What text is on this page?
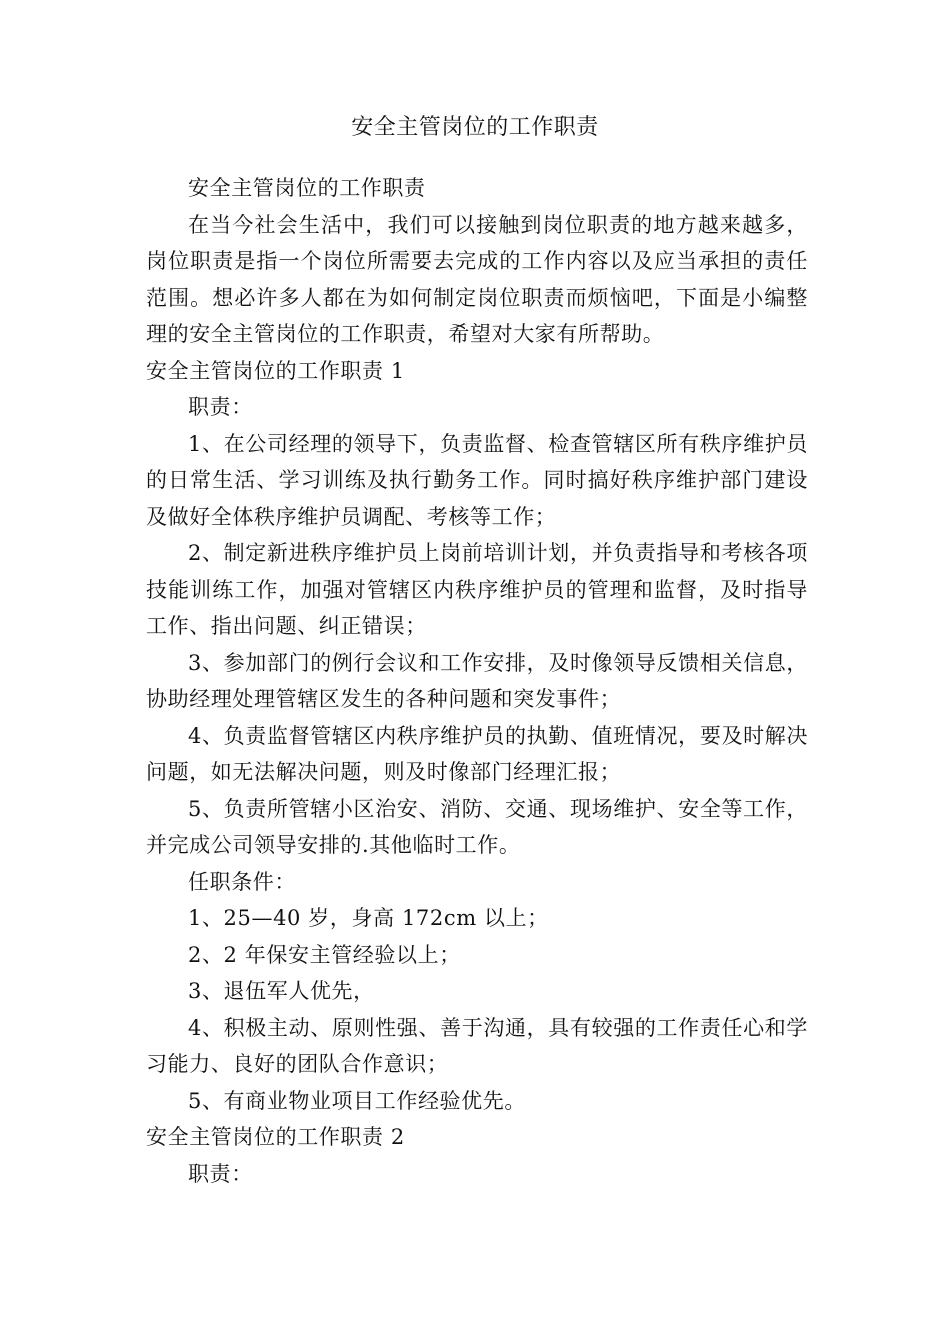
安全主管岗位的工作职责

安全主管岗位的工作职责

在当今社会生活中，我们可以接触到岗位职责的地方越来越多，岗位职责是指一个岗位所需要去完成的工作内容以及应当承担的责任范围。想必许多人都在为如何制定岗位职责而烦恼吧，下面是小编整理的安全主管岗位的工作职责，希望对大家有所帮助。

安全主管岗位的工作职责 1

职责：

1、在公司经理的领导下，负责监督、检查管辖区所有秩序维护员的日常生活、学习训练及执行勤务工作。同时搞好秩序维护部门建设及做好全体秩序维护员调配、考核等工作；

2、制定新进秩序维护员上岗前培训计划，并负责指导和考核各项技能训练工作，加强对管辖区内秩序维护员的管理和监督，及时指导工作、指出问题、纠正错误；

3、参加部门的例行会议和工作安排，及时像领导反馈相关信息，协助经理处理管辖区发生的各种问题和突发事件；

4、负责监督管辖区内秩序维护员的执勤、值班情况，要及时解决问题，如无法解决问题，则及时像部门经理汇报；

5、负责所管辖小区治安、消防、交通、现场维护、安全等工作，并完成公司领导安排的.其他临时工作。

任职条件：

1、25—40 岁，身高 172cm 以上；

2、2 年保安主管经验以上；

3、退伍军人优先，

4、积极主动、原则性强、善于沟通，具有较强的工作责任心和学习能力、良好的团队合作意识；

5、有商业物业项目工作经验优先。

安全主管岗位的工作职责 2

职责：
